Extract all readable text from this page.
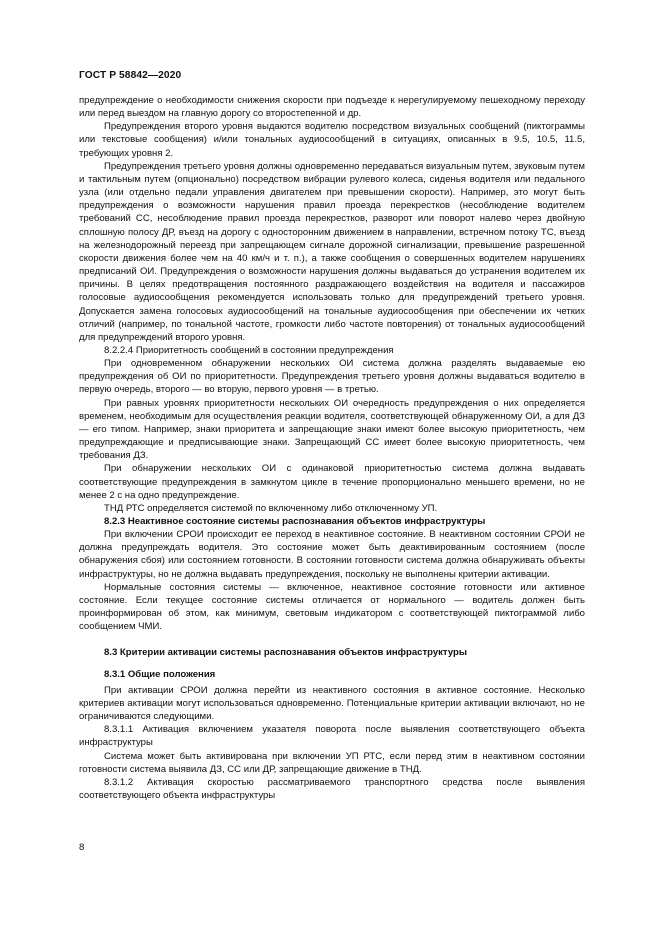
ГОСТ Р 58842—2020

предупреждение о необходимости снижения скорости при подъезде к нерегулируемому пешеходному переходу или перед выездом на главную дорогу со второстепенной и др.

Предупреждения второго уровня выдаются водителю посредством визуальных сообщений (пиктограммы или текстовые сообщения) и/или тональных аудиосообщений в ситуациях, описанных в 9.5, 10.5, 11.5, требующих уровня 2.

Предупреждения третьего уровня должны одновременно передаваться визуальным путем, звуковым путем и тактильным путем (опционально) посредством вибрации рулевого колеса, сиденья водителя или педального узла (или отдельно педали управления двигателем при превышении скорости). Например, это могут быть предупреждения о возможности нарушения правил проезда перекрестков (несоблюдение водителем требований СС, несоблюдение правил проезда перекрестков, разворот или поворот налево через двойную сплошную полосу ДР, въезд на дорогу с односторонним движением в направлении, встречном потоку ТС, въезд на железнодорожный переезд при запрещающем сигнале дорожной сигнализации, превышение разрешенной скорости движения более чем на 40 км/ч и т. п.), а также сообщения о совершенных водителем нарушениях предписаний ОИ. Предупреждения о возможности нарушения должны выдаваться до устранения водителем их причины. В целях предотвращения постоянного раздражающего воздействия на водителя и пассажиров голосовые аудиосообщения рекомендуется использовать только для предупреждений третьего уровня. Допускается замена голосовых аудиосообщений на тональные аудиосообщения при обеспечении их четких отличий (например, по тональной частоте, громкости либо частоте повторения) от тональных аудиосообщений для предупреждений второго уровня.

8.2.2.4 Приоритетность сообщений в состоянии предупреждения

При одновременном обнаружении нескольких ОИ система должна разделять выдаваемые ею предупреждения об ОИ по приоритетности. Предупреждения третьего уровня должны выдаваться водителю в первую очередь, второго — во вторую, первого уровня — в третью.

При равных уровнях приоритетности нескольких ОИ очередность предупреждения о них определяется временем, необходимым для осуществления реакции водителя, соответствующей обнаруженному ОИ, а для ДЗ — его типом. Например, знаки приоритета и запрещающие знаки имеют более высокую приоритетность, чем предупреждающие и предписывающие знаки. Запрещающий СС имеет более высокую приоритетность, чем требования ДЗ.

При обнаружении нескольких ОИ с одинаковой приоритетностью система должна выдавать соответствующие предупреждения в замкнутом цикле в течение пропорционально меньшего времени, но не менее 2 с на одно предупреждение.

ТНД РТС определяется системой по включенному либо отключенному УП.

8.2.3 Неактивное состояние системы распознавания объектов инфраструктуры

При включении СРОИ происходит ее переход в неактивное состояние. В неактивном состоянии СРОИ не должна предупреждать водителя. Это состояние может быть деактивированным состоянием (после обнаружения сбоя) или состоянием готовности. В состоянии готовности система должна обнаруживать объекты инфраструктуры, но не должна выдавать предупреждения, поскольку не выполнены критерии активации.

Нормальные состояния системы — включенное, неактивное состояние готовности или активное состояние. Если текущее состояние системы отличается от нормального — водитель должен быть проинформирован об этом, как минимум, световым индикатором с соответствующей пиктограммой либо сообщением ЧМИ.

8.3 Критерии активации системы распознавания объектов инфраструктуры

8.3.1 Общие положения

При активации СРОИ должна перейти из неактивного состояния в активное состояние. Несколько критериев активации могут использоваться одновременно. Потенциальные критерии активации включают, но не ограничиваются следующими.

8.3.1.1 Активация включением указателя поворота после выявления соответствующего объекта инфраструктуры

Система может быть активирована при включении УП РТС, если перед этим в неактивном состоянии готовности система выявила ДЗ, СС или ДР, запрещающие движение в ТНД.

8.3.1.2 Активация скоростью рассматриваемого транспортного средства после выявления соответствующего объекта инфраструктуры

8
